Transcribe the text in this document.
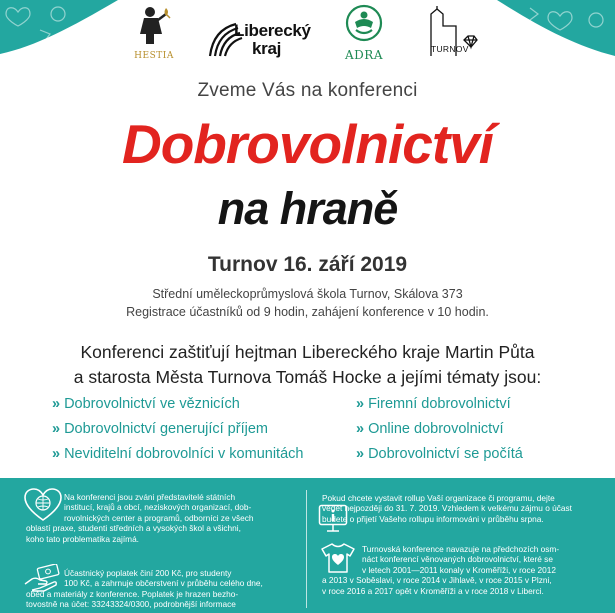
HESTIA
Liberecký
kraj	ADRA	TURNOV
Zveme Vás na konferenci
Dobrovolnictví
na hraně
Turnov 16. září 2019
Střední uměleckoprůmyslová škola Turnov, Skálova 373
Registrace účastníků od 9 hodin, zahájení konference v 10 hodin.
Konferenci zaštiťují hejtman Libereckého kraje Martin Půta
a starosta Města Turnova Tomáš Hocke a jejími tématy jsou:
» Dobrovolnictví ve věznicích
» Dobrovolnictví generující příjem
» Neviditelní dobrovolníci v komunitách
» Firemní dobrovolnictví
» Online dobrovolnictví
» Dobrovolnictví se počítá
Na konferenci jsou zváni představitelé státních
institucí, krajů a obcí, neziskových organizací, dob-
rovolnických center a programů, odborníci ze všech
oblastí praxe, studenti středních a vysokých škol a všichni,
koho tato problematika zajímá.
Účastnický poplatek činí 200 Kč, pro studenty
100 Kč, a zahrnuje občerstvení v průběhu celého dne,
oběd a materiály z konference. Poplatek je hrazen bezho-
tovostně na účet: 33243324/0300, podrobnější informace
Pokud chcete vystavit rollup Vaší organizace či programu, dejte
vědět nejpozději do 31. 7. 2019. Vzhledem k velkému zájmu o účast
budete o přijetí Vašeho rollupu informováni v průběhu srpna.
Turnovská konference navazuje na předchozích osm-
náct konferencí věnovaných dobrovolnictví, které se
v letech 2001—2011 konaly v Kroměříži, v roce 2012
a 2013 v Soběslavi, v roce 2014 v Jihlavě, v roce 2015 v Plzni,
v roce 2016 a 2017 opět v Kroměříži a v roce 2018 v Liberci.
